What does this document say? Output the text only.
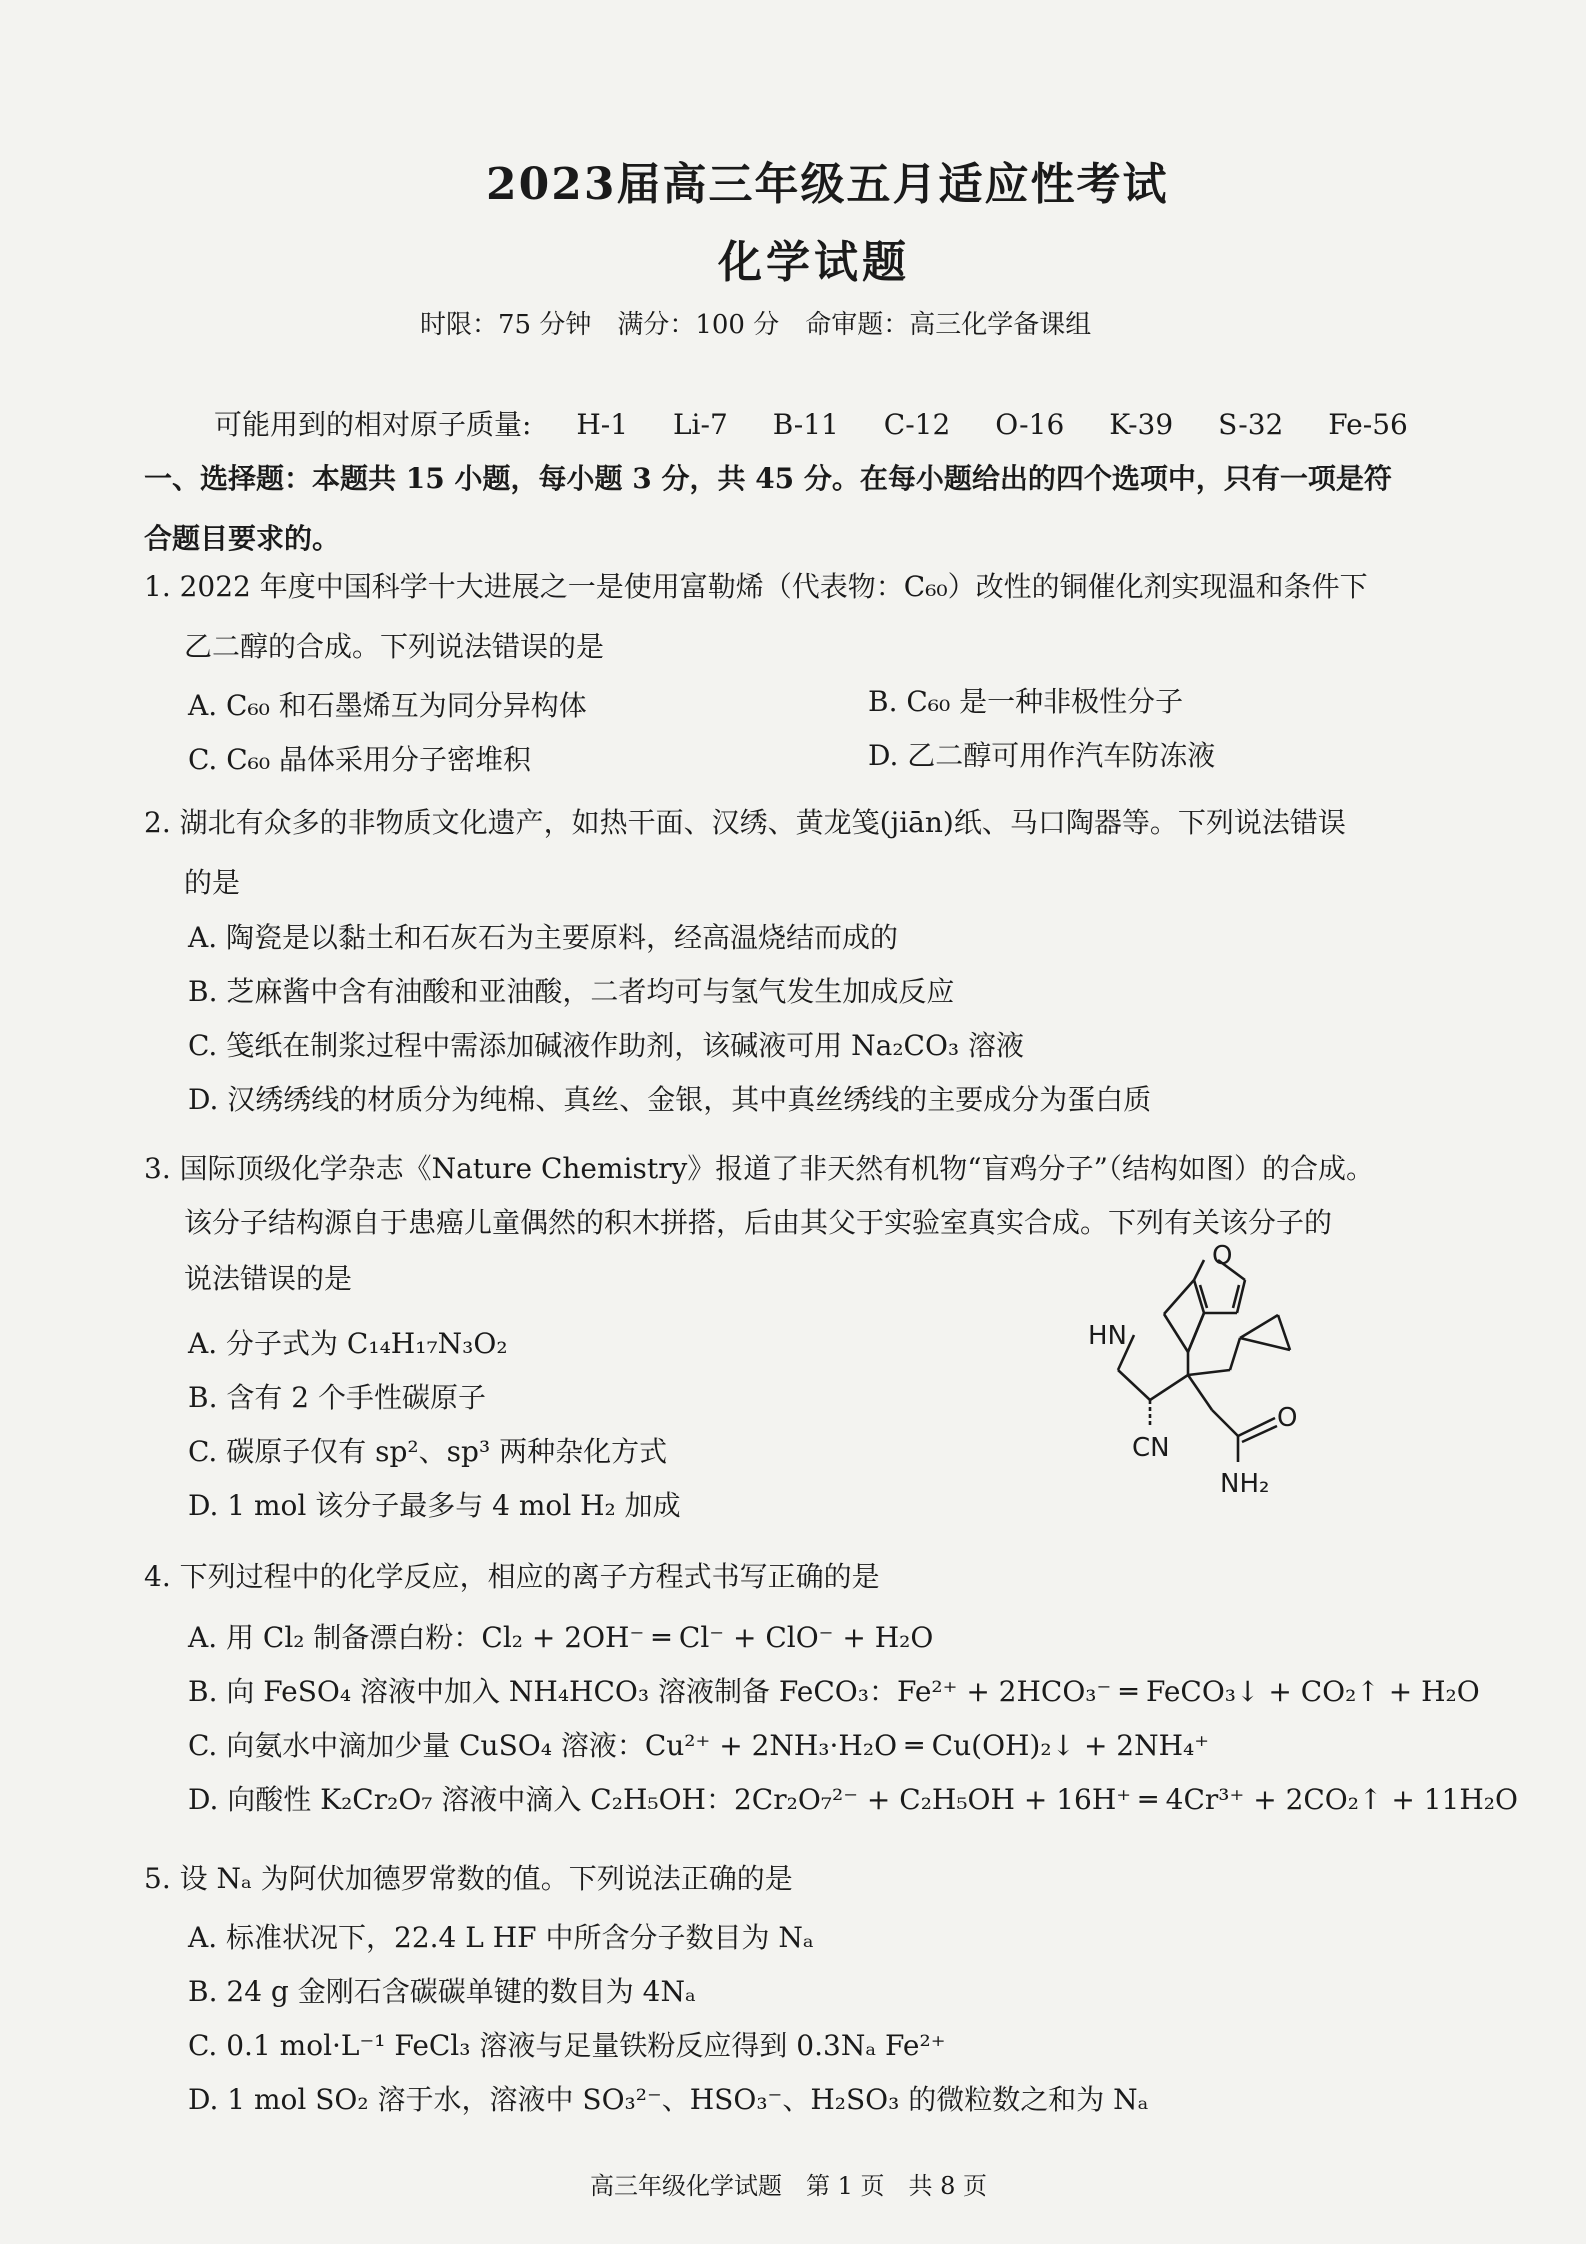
2023届高三年级五月适应性考试
化学试题
时限：75 分钟　满分：100 分　命审题：高三化学备课组
可能用到的相对原子质量: H-1 Li-7 B-11 C-12 O-16 K-39 S-32 Fe-56
一、选择题：本题共 15 小题，每小题 3 分，共 45 分。在每小题给出的四个选项中，只有一项是符
合题目要求的。
1. 2022 年度中国科学十大进展之一是使用富勒烯（代表物：C₆₀）改性的铜催化剂实现温和条件下
乙二醇的合成。下列说法错误的是
A. C₆₀ 和石墨烯互为同分异构体	B. C₆₀ 是一种非极性分子
C. C₆₀ 晶体采用分子密堆积	D. 乙二醇可用作汽车防冻液
2. 湖北有众多的非物质文化遗产，如热干面、汉绣、黄龙笺(jiān)纸、马口陶器等。下列说法错误
的是
A. 陶瓷是以黏土和石灰石为主要原料，经高温烧结而成的
B. 芝麻酱中含有油酸和亚油酸，二者均可与氢气发生加成反应
C. 笺纸在制浆过程中需添加碱液作助剂，该碱液可用 Na₂CO₃ 溶液
D. 汉绣绣线的材质分为纯棉、真丝、金银，其中真丝绣线的主要成分为蛋白质
3. 国际顶级化学杂志《Nature Chemistry》报道了非天然有机物“盲鸡分子”（结构如图）的合成。
该分子结构源自于患癌儿童偶然的积木拼搭，后由其父于实验室真实合成。下列有关该分子的
说法错误的是
A. 分子式为 C₁₄H₁₇N₃O₂
B. 含有 2 个手性碳原子
C. 碳原子仅有 sp²、sp³ 两种杂化方式
D. 1 mol 该分子最多与 4 mol H₂ 加成
O
HN
CN
O
NH₂
4. 下列过程中的化学反应，相应的离子方程式书写正确的是
A. 用 Cl₂ 制备漂白粉：Cl₂ + 2OH⁻ ═ Cl⁻ + ClO⁻ + H₂O
B. 向 FeSO₄ 溶液中加入 NH₄HCO₃ 溶液制备 FeCO₃：Fe²⁺ + 2HCO₃⁻ ═ FeCO₃↓ + CO₂↑ + H₂O
C. 向氨水中滴加少量 CuSO₄ 溶液：Cu²⁺ + 2NH₃·H₂O ═ Cu(OH)₂↓ + 2NH₄⁺
D. 向酸性 K₂Cr₂O₇ 溶液中滴入 C₂H₅OH：2Cr₂O₇²⁻ + C₂H₅OH + 16H⁺ ═ 4Cr³⁺ + 2CO₂↑ + 11H₂O
5. 设 Nₐ 为阿伏加德罗常数的值。下列说法正确的是
A. 标准状况下，22.4 L HF 中所含分子数目为 Nₐ
B. 24 g 金刚石含碳碳单键的数目为 4Nₐ
C. 0.1 mol·L⁻¹ FeCl₃ 溶液与足量铁粉反应得到 0.3Nₐ Fe²⁺
D. 1 mol SO₂ 溶于水，溶液中 SO₃²⁻、HSO₃⁻、H₂SO₃ 的微粒数之和为 Nₐ
高三年级化学试题　第 1 页　共 8 页
